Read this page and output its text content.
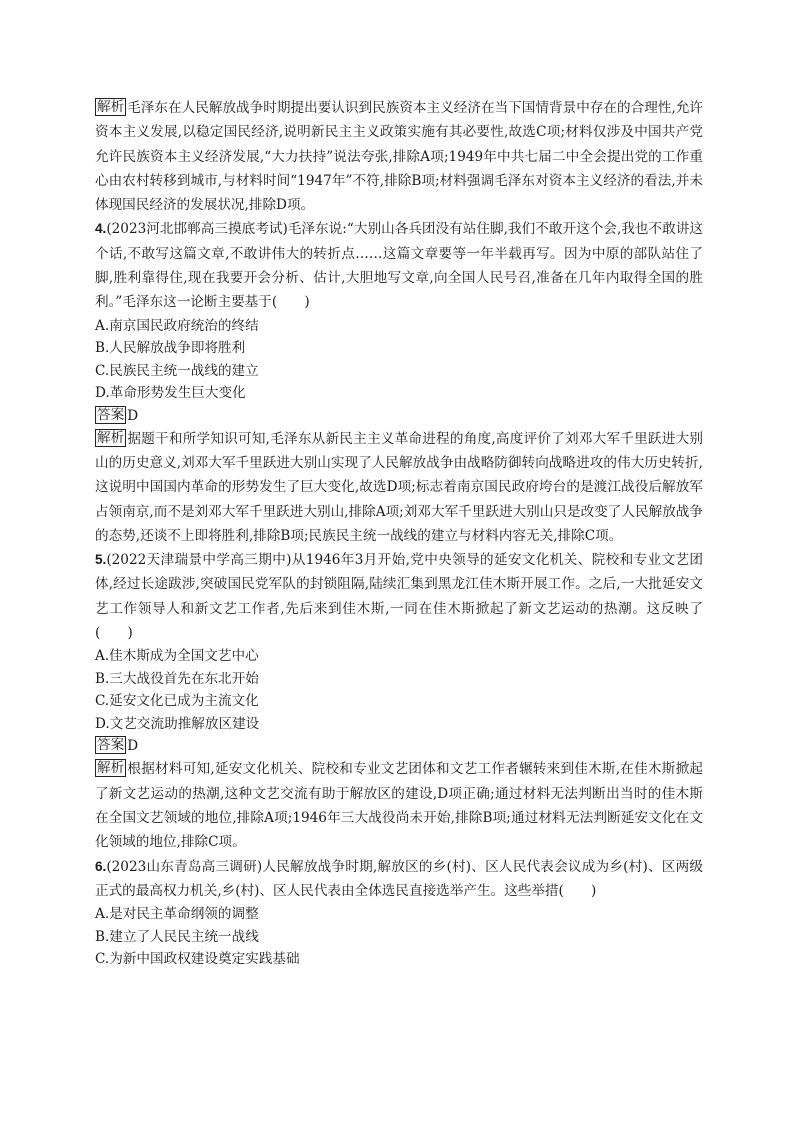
解析 毛泽东在人民解放战争时期提出要认识到民族资本主义经济在当下国情背景中存在的合理性,允许资本主义发展,以稳定国民经济,说明新民主主义政策实施有其必要性,故选C项;材料仅涉及中国共产党允许民族资本主义经济发展,“大力扶持”说法夸张,排除A项;1949年中共七届二中全会提出党的工作重心由农村转移到城市,与材料时间“1947年”不符,排除B项;材料强调毛泽东对资本主义经济的看法,并未体现国民经济的发展状况,排除D项。

4.(2023河北邯郸高三摸底考试)毛泽东说:“大别山各兵团没有站住脚,我们不敢开这个会,我也不敢讲这个话,不敢写这篇文章,不敢讲伟大的转折点……这篇文章要等一年半载再写。因为中原的部队站住了脚,胜利靠得住,现在我要开会分析、估计,大胆地写文章,向全国人民号召,准备在几年内取得全国的胜利。”毛泽东这一论断主要基于(　　)

A.南京国民政府统治的终结

B.人民解放战争即将胜利

C.民族民主统一战线的建立

D.革命形势发生巨大变化

答案 D

解析 据题干和所学知识可知,毛泽东从新民主主义革命进程的角度,高度评价了刘邓大军千里跃进大别山的历史意义,刘邓大军千里跃进大别山实现了人民解放战争由战略防御转向战略进攻的伟大历史转折,这说明中国国内革命的形势发生了巨大变化,故选D项;标志着南京国民政府垮台的是渡江战役后解放军占领南京,而不是刘邓大军千里跃进大别山,排除A项;刘邓大军千里跃进大别山只是改变了人民解放战争的态势,还谈不上即将胜利,排除B项;民族民主统一战线的建立与材料内容无关,排除C项。

5.(2022天津瑞景中学高三期中)从1946年3月开始,党中央领导的延安文化机关、院校和专业文艺团体,经过长途跋涉,突破国民党军队的封锁阻隔,陆续汇集到黑龙江佳木斯开展工作。之后,一大批延安文艺工作领导人和新文艺工作者,先后来到佳木斯,一同在佳木斯掀起了新文艺运动的热潮。这反映了　　(　　)

A.佳木斯成为全国文艺中心

B.三大战役首先在东北开始

C.延安文化已成为主流文化

D.文艺交流助推解放区建设

答案 D

解析 根据材料可知,延安文化机关、院校和专业文艺团体和文艺工作者辗转来到佳木斯,在佳木斯掀起了新文艺运动的热潮,这种文艺交流有助于解放区的建设,D项正确;通过材料无法判断出当时的佳木斯在全国文艺领域的地位,排除A项;1946年三大战役尚未开始,排除B项;通过材料无法判断延安文化在文化领域的地位,排除C项。

6.(2023山东青岛高三调研)人民解放战争时期,解放区的乡(村)、区人民代表会议成为乡(村)、区两级正式的最高权力机关,乡(村)、区人民代表由全体选民直接选举产生。这些举措(　　)

A.是对民主革命纲领的调整

B.建立了人民民主统一战线

C.为新中国政权建设奠定实践基础
